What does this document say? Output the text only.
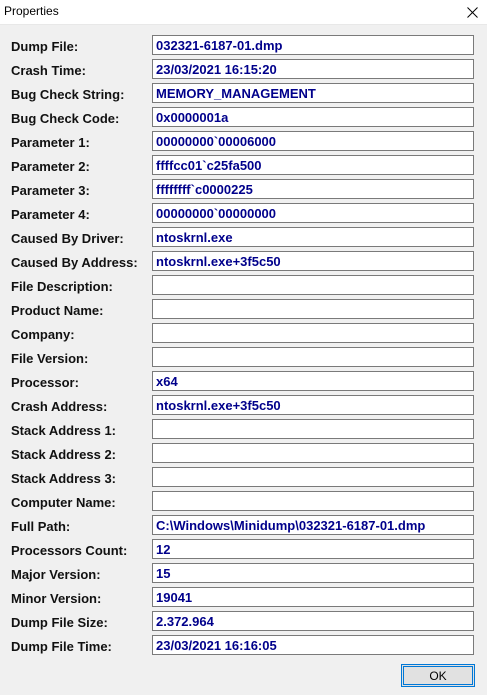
Properties
Dump File:	032321-6187-01.dmp
Crash Time:	23/03/2021 16:15:20
Bug Check String:	MEMORY_MANAGEMENT
Bug Check Code:	0x0000001a
Parameter 1:	00000000`00006000
Parameter 2:	ffffcc01`c25fa500
Parameter 3:	ffffffff`c0000225
Parameter 4:	00000000`00000000
Caused By Driver:	ntoskrnl.exe
Caused By Address:	ntoskrnl.exe+3f5c50
File Description:
Product Name:
Company:
File Version:
Processor:	x64
Crash Address:	ntoskrnl.exe+3f5c50
Stack Address 1:
Stack Address 2:
Stack Address 3:
Computer Name:
Full Path:	C:\Windows\Minidump\032321-6187-01.dmp
Processors Count:	12
Major Version:	15
Minor Version:	19041
Dump File Size:	2.372.964
Dump File Time:	23/03/2021 16:16:05
OK
